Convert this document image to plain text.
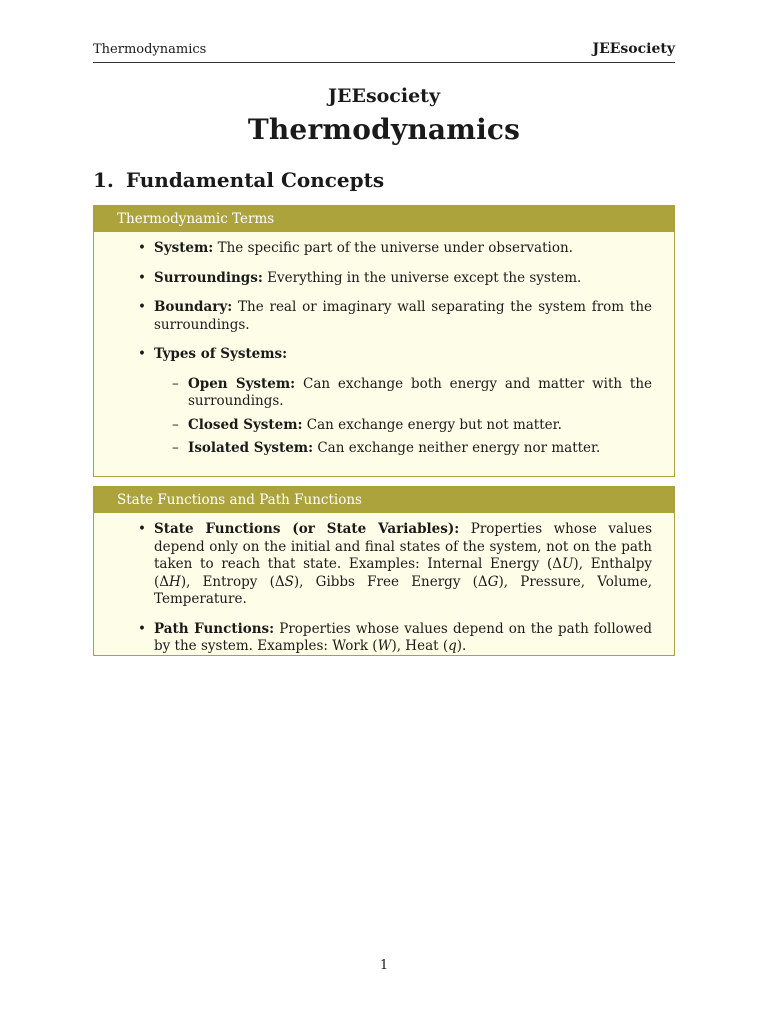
Thermodynamics	JEEsociety
JEEsociety
Thermodynamics
1. Fundamental Concepts
Thermodynamic Terms
• System: The specific part of the universe under observation.
• Surroundings: Everything in the universe except the system.
• Boundary: The real or imaginary wall separating the system from the surroundings.
• Types of Systems:
– Open System: Can exchange both energy and matter with the surroundings.
– Closed System: Can exchange energy but not matter.
– Isolated System: Can exchange neither energy nor matter.
State Functions and Path Functions
• State Functions (or State Variables): Properties whose values depend only on the initial and final states of the system, not on the path taken to reach that state. Examples: Internal Energy (ΔU), Enthalpy (ΔH), Entropy (ΔS), Gibbs Free Energy (ΔG), Pressure, Volume, Temperature.
• Path Functions: Properties whose values depend on the path followed by the system. Examples: Work (W), Heat (q).
1
